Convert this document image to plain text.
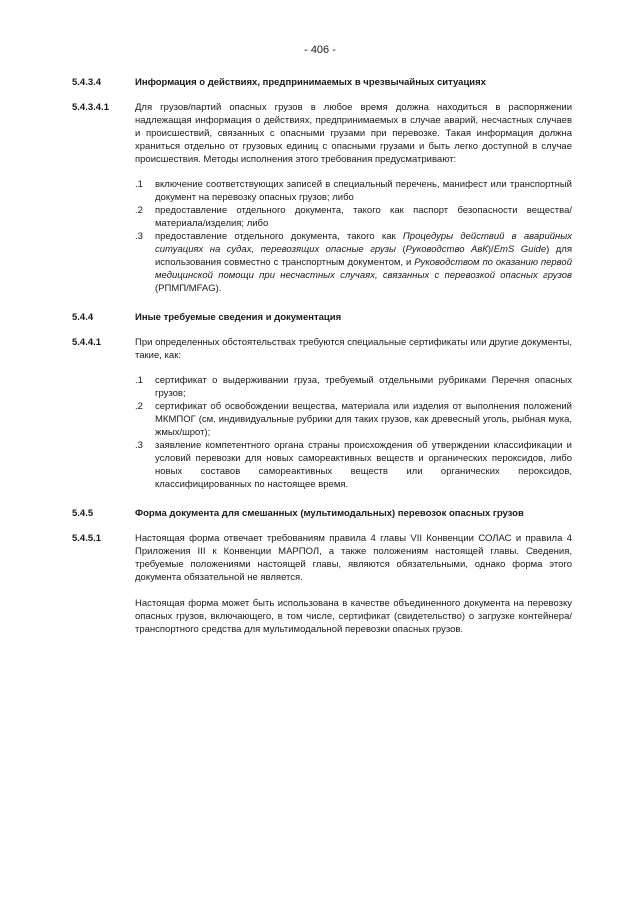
- 406 -
5.4.3.4	Информация о действиях, предпринимаемых в чрезвычайных ситуациях
5.4.3.4.1	Для грузов/партий опасных грузов в любое время должна находиться в распоряжении надлежащая информация о действиях, предпринимаемых в случае аварий, несчастных случаев и происшествий, связанных с опасными грузами при перевозке. Такая информация должна храниться отдельно от грузовых единиц с опасными грузами и быть легко доступной в случае происшествия. Методы исполнения этого требования предусматривают:
.1 включение соответствующих записей в специальный перечень, манифест или транспортный документ на перевозку опасных грузов; либо
.2 предоставление отдельного документа, такого как паспорт безопасности вещества/материала/изделия; либо
.3 предоставление отдельного документа, такого как Процедуры действий в аварийных ситуациях на судах, перевозящих опасные грузы (Руководство АвК)/EmS Guide) для использования совместно с транспортным документом, и Руководством по оказанию первой медицинской помощи при несчастных случаях, связанных с перевозкой опасных грузов (РПМП/MFAG).
5.4.4	Иные требуемые сведения и документация
5.4.4.1	При определенных обстоятельствах требуются специальные сертификаты или другие документы, такие, как:
.1 сертификат о выдерживании груза, требуемый отдельными рубриками Перечня опасных грузов;
.2 сертификат об освобождении вещества, материала или изделия от выполнения положений МКМПОГ (см. индивидуальные рубрики для таких грузов, как древесный уголь, рыбная мука, жмых/шрот);
.3 заявление компетентного органа страны происхождения об утверждении классификации и условий перевозки для новых самореактивных веществ и органических пероксидов, либо новых составов самореактивных веществ или органических пероксидов, классифицированных по настоящее время.
5.4.5	Форма документа для смешанных (мультимодальных) перевозок опасных грузов
5.4.5.1	Настоящая форма отвечает требованиям правила 4 главы VII Конвенции СОЛАС и правила 4 Приложения III к Конвенции МАРПОЛ, а также положениям настоящей главы. Сведения, требуемые положениями настоящей главы, являются обязательными, однако форма этого документа обязательной не является.
Настоящая форма может быть использована в качестве объединенного документа на перевозку опасных грузов, включающего, в том числе, сертификат (свидетельство) о загрузке контейнера/транспортного средства для мультимодальной перевозки опасных грузов.
